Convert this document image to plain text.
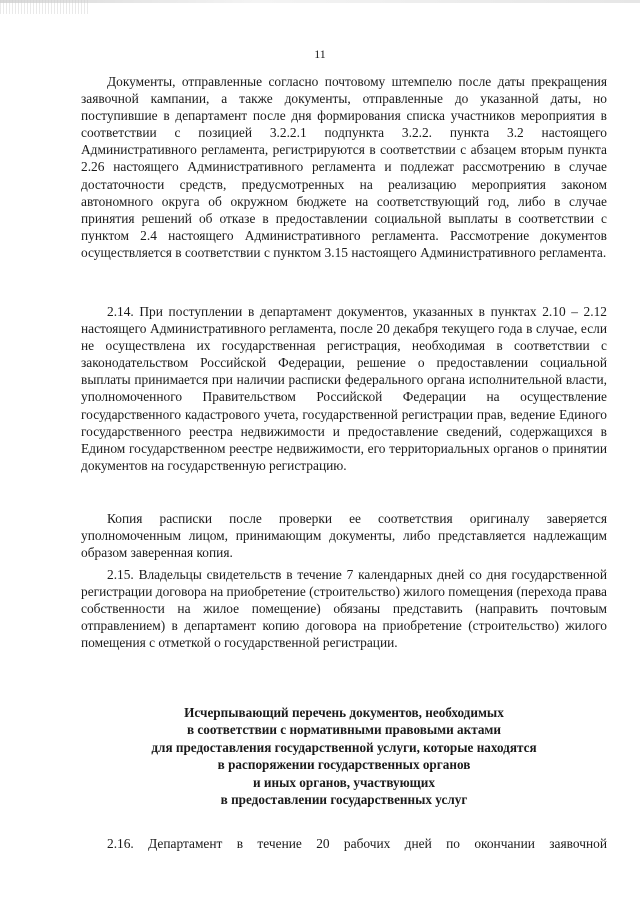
11

Документы, отправленные согласно почтовому штемпелю после даты прекращения заявочной кампании, а также документы, отправленные до указанной даты, но поступившие в департамент после дня формирования списка участников мероприятия в соответствии с позицией 3.2.2.1 подпункта 3.2.2. пункта 3.2 настоящего Административного регламента, регистрируются в соответствии с абзацем вторым пункта 2.26 настоящего Административного регламента и подлежат рассмотрению в случае достаточности средств, предусмотренных на реализацию мероприятия законом автономного округа об окружном бюджете на соответствующий год, либо в случае принятия решений об отказе в предоставлении социальной выплаты в соответствии с пунктом 2.4 настоящего Административного регламента. Рассмотрение документов осуществляется в соответствии с пунктом 3.15 настоящего Административного регламента.

2.14. При поступлении в департамент документов, указанных в пунктах 2.10 – 2.12 настоящего Административного регламента, после 20 декабря текущего года в случае, если не осуществлена их государственная регистрация, необходимая в соответствии с законодательством Российской Федерации, решение о предоставлении социальной выплаты принимается при наличии расписки федерального органа исполнительной власти, уполномоченного Правительством Российской Федерации на осуществление государственного кадастрового учета, государственной регистрации прав, ведение Единого государственного реестра недвижимости и предоставление сведений, содержащихся в Едином государственном реестре недвижимости, его территориальных органов о принятии документов на государственную регистрацию.

Копия расписки после проверки ее соответствия оригиналу заверяется уполномоченным лицом, принимающим документы, либо представляется надлежащим образом заверенная копия.

2.15. Владельцы свидетельств в течение 7 календарных дней со дня государственной регистрации договора на приобретение (строительство) жилого помещения (перехода права собственности на жилое помещение) обязаны представить (направить почтовым отправлением) в департамент копию договора на приобретение (строительство) жилого помещения с отметкой о государственной регистрации.

Исчерпывающий перечень документов, необходимых
в соответствии с нормативными правовыми актами
для предоставления государственной услуги, которые находятся
в распоряжении государственных органов
и иных органов, участвующих
в предоставлении государственных услуг

2.16. Департамент в течение 20 рабочих дней по окончании заявочной
